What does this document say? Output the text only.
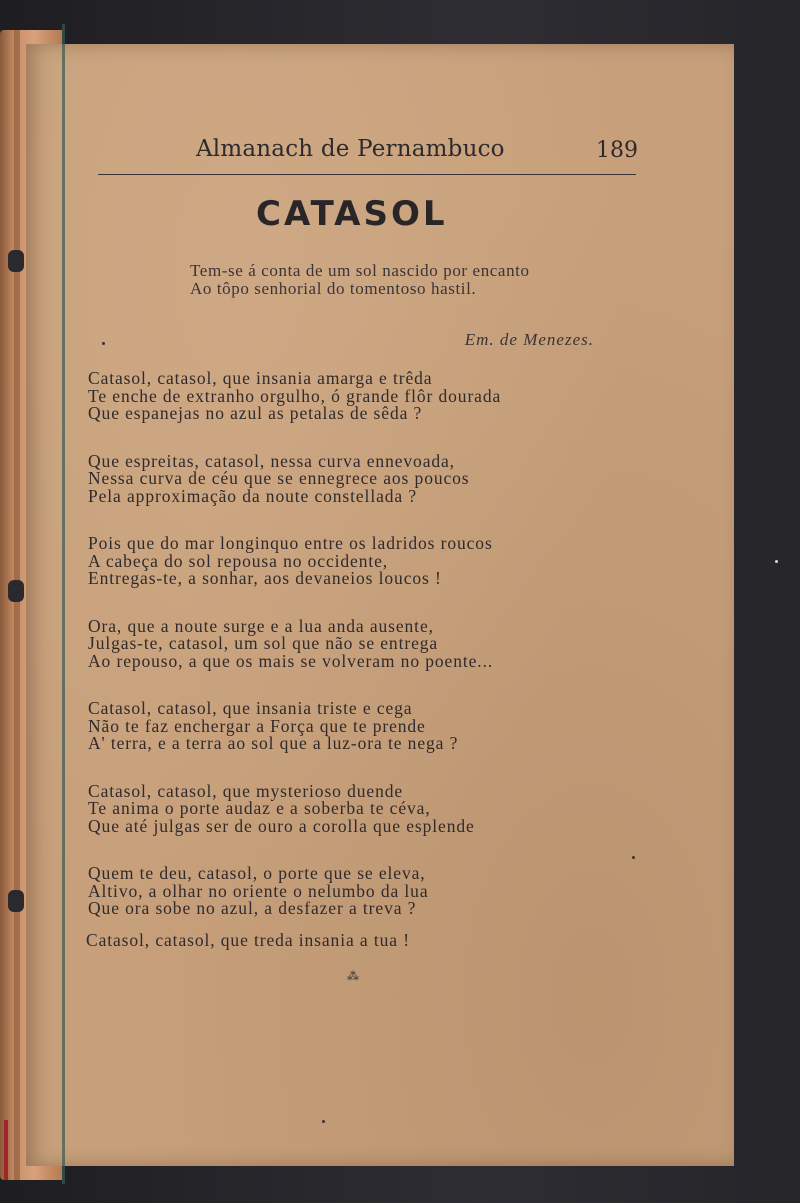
Almanach de Pernambuco	189
CATASOL
Tem-se á conta de um sol nascido por encanto
Ao tôpo senhorial do tomentoso hastil.
Em. de Menezes.
Catasol, catasol, que insania amarga e trêda
Te enche de extranho orgulho, ó grande flôr dourada
Que espanejas no azul as petalas de sêda ?
Que espreitas, catasol, nessa curva ennevoada,
Nessa curva de céu que se ennegrece aos poucos
Pela approximação da noute constellada ?
Pois que do mar longinquo entre os ladridos roucos
A cabeça do sol repousa no occidente,
Entregas-te, a sonhar, aos devaneios loucos !
Ora, que a noute surge e a lua anda ausente,
Julgas-te, catasol, um sol que não se entrega
Ao repouso, a que os mais se volveram no poente...
Catasol, catasol, que insania triste e cega
Não te faz enchergar a Força que te prende
A' terra, e a terra ao sol que a luz-ora te nega ?
Catasol, catasol, que mysterioso duende
Te anima o porte audaz e a soberba te céva,
Que até julgas ser de ouro a corolla que esplende
Quem te deu, catasol, o porte que se eleva,
Altivo, a olhar no oriente o nelumbo da lua
Que ora sobe no azul, a desfazer a treva ?
Catasol, catasol, que treda insania a tua !
⁂
